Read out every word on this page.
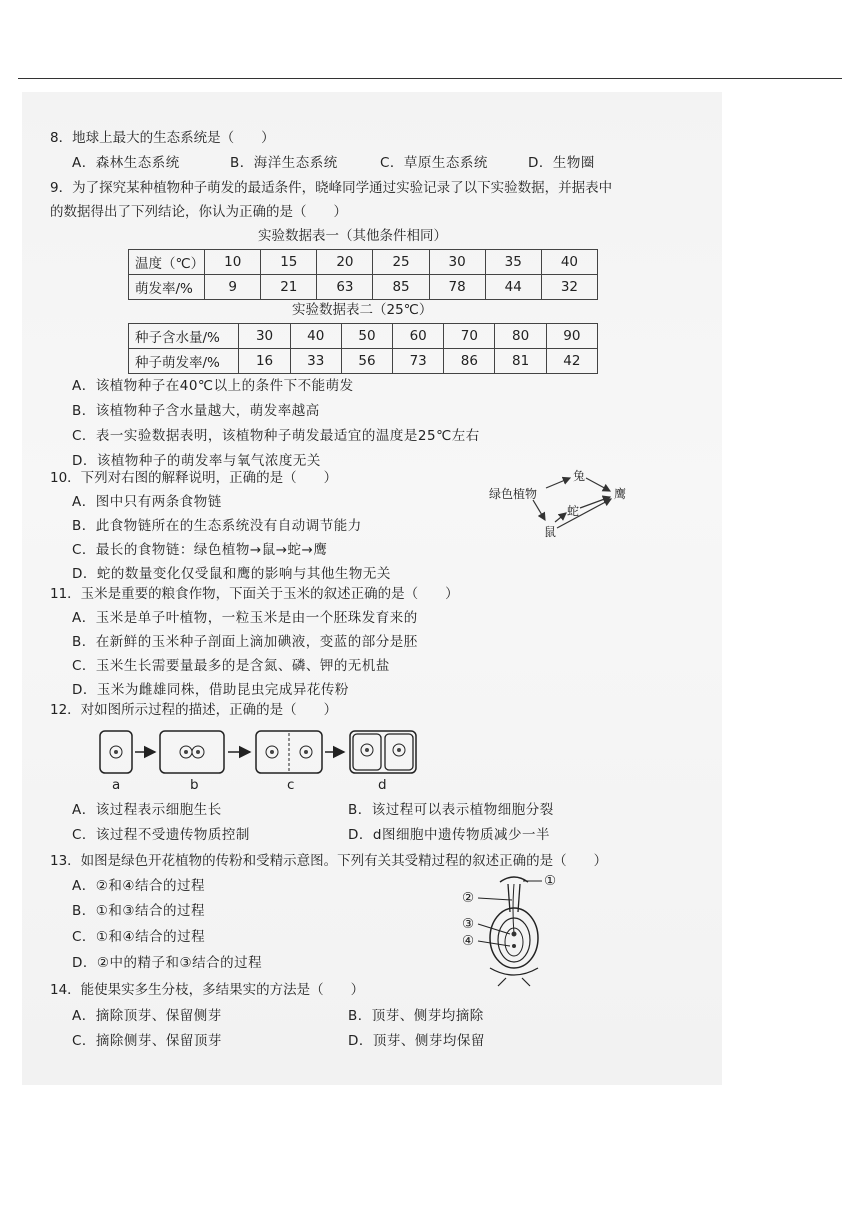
8．地球上最大的生态系统是（　　）
A．森林生态系统	B．海洋生态系统	C．草原生态系统	D．生物圈
9．为了探究某种植物种子萌发的最适条件，晓峰同学通过实验记录了以下实验数据，并据表中
的数据得出了下列结论，你认为正确的是（　　）
实验数据表一（其他条件相同）
温度（℃）	10	15	20	25	30	35	40
萌发率/%	9	21	63	85	78	44	32
实验数据表二（25℃）
种子含水量/%	30	40	50	60	70	80	90
种子萌发率/%	16	33	56	73	86	81	42
A．该植物种子在40℃以上的条件下不能萌发
B．该植物种子含水量越大，萌发率越高
C．表一实验数据表明，该植物种子萌发最适宜的温度是25℃左右
D．该植物种子的萌发率与氧气浓度无关
10．下列对右图的解释说明，正确的是（　　）
A．图中只有两条食物链
B．此食物链所在的生态系统没有自动调节能力
C．最长的食物链：绿色植物→鼠→蛇→鹰
D．蛇的数量变化仅受鼠和鹰的影响与其他生物无关
绿色植物
兔
鼠
蛇
鹰
11．玉米是重要的粮食作物，下面关于玉米的叙述正确的是（　　）
A．玉米是单子叶植物，一粒玉米是由一个胚珠发育来的
B．在新鲜的玉米种子剖面上滴加碘液，变蓝的部分是胚
C．玉米生长需要量最多的是含氮、磷、钾的无机盐
D．玉米为雌雄同株，借助昆虫完成异花传粉
12．对如图所示过程的描述，正确的是（　　）
a	b	c	d
A．该过程表示细胞生长	B．该过程可以表示植物细胞分裂
C．该过程不受遗传物质控制	D．d图细胞中遗传物质减少一半
13．如图是绿色开花植物的传粉和受精示意图。下列有关其受精过程的叙述正确的是（　　）
A．②和④结合的过程
B．①和③结合的过程
C．①和④结合的过程
D．②中的精子和③结合的过程
①
②
③
④
14．能使果实多生分枝，多结果实的方法是（　　）
A．摘除顶芽、保留侧芽	B．顶芽、侧芽均摘除
C．摘除侧芽、保留顶芽	D．顶芽、侧芽均保留
